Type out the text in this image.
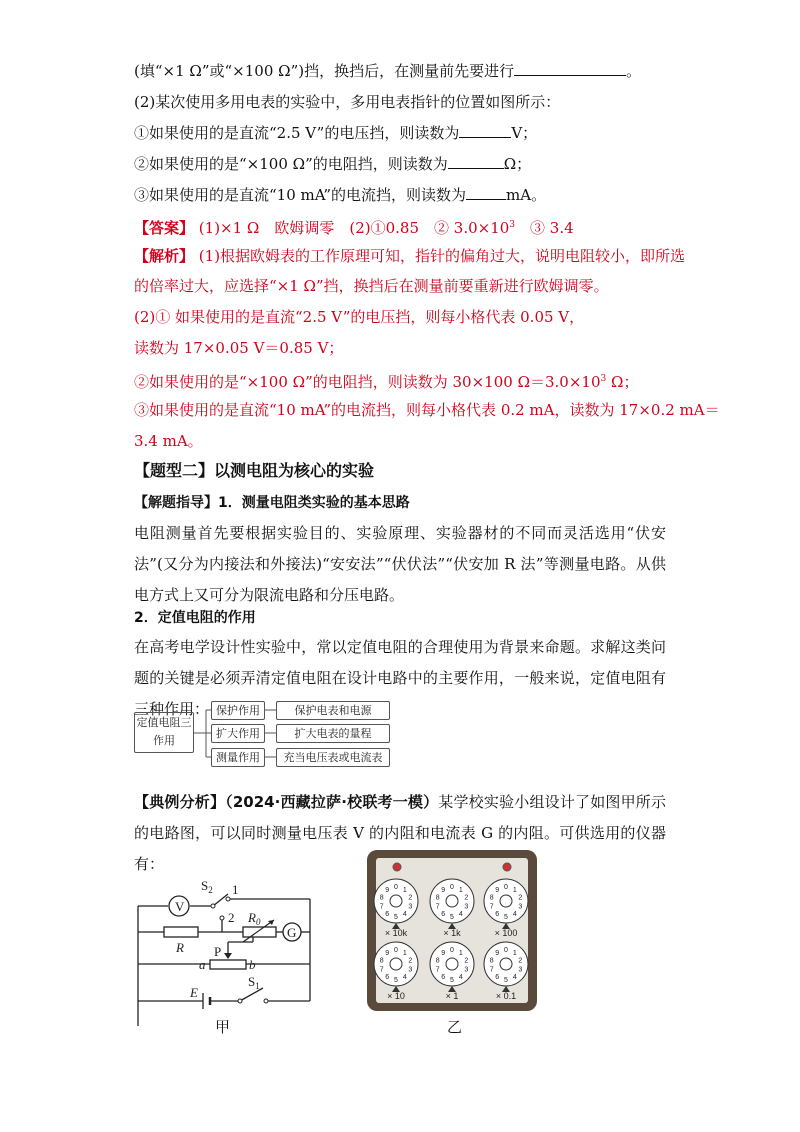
(填“×1 Ω”或“×100 Ω”)挡，换挡后，在测量前先要进行	。
(2)某次使用多用电表的实验中，多用电表指针的位置如图所示：
①如果使用的是直流“2.5 V”的电压挡，则读数为	V；
②如果使用的是“×100 Ω”的电阻挡，则读数为	Ω；
③如果使用的是直流“10 mA”的电流挡，则读数为	mA。
【答案】 (1)×1 Ω　欧姆调零　(2)①0.85　② $3.0\times 10^3$　③ 3.4
【解析】 (1)根据欧姆表的工作原理可知，指针的偏角过大，说明电阻较小，即所选
的倍率过大，应选择“×1 Ω”挡，换挡后在测量前要重新进行欧姆调零。
(2)① 如果使用的是直流“2.5 V”的电压挡，则每小格代表 0.05 V，
读数为 17×0.05 V＝0.85 V；
②如果使用的是“×100 Ω”的电阻挡，则读数为 30×100 $\Omega=3.0\times 10^3$ Ω；
③如果使用的是直流“10 mA”的电流挡，则每小格代表 0.2 mA，读数为 17×0.2 mA＝
3.4 mA。
【题型二】以测电阻为核心的实验
【解题指导】1．测量电阻类实验的基本思路
电阻测量首先要根据实验目的、实验原理、实验器材的不同而灵活选用“伏安法”(又分为内接法和外接法)“安安法”“伏伏法”“伏安加 R 法”等测量电路。从供电方式上又可分为限流电路和分压电路。
2．定值电阻的作用
在高考电学设计性实验中，常以定值电阻的合理使用为背景来命题。求解这类问题的关键是必须弄清定值电阻在设计电路中的主要作用，一般来说，定值电阻有三种作用：
定值电阻三作用
保护作用
扩大作用
测量作用
保护电表和电源
扩大电表的量程
充当电压表或电流表
【典例分析】（2024·西藏拉萨·校联考一模）某学校实验小组设计了如图甲所示的电路图，可以同时测量电压表 V 的内阻和电流表 G 的内阻。可供选用的仪器有：
V
G
$S_2$ 1
2 $R_0$
R P
a	b
E
$S_1$
甲
0 1
2
3
4
5
6
7
8
9	0 1
2
3
4
5
6
7
8
9	0 1
2
3
4
5
6
7
8
9
0 1
2
3
4
5
6
7
8
9	0 1
2
3
4
5
6
7
8
9	0 1
2
3
4
5
6
7
8
9
× 10k	× 1k	× 100
× 10	× 1	× 0.1
乙
